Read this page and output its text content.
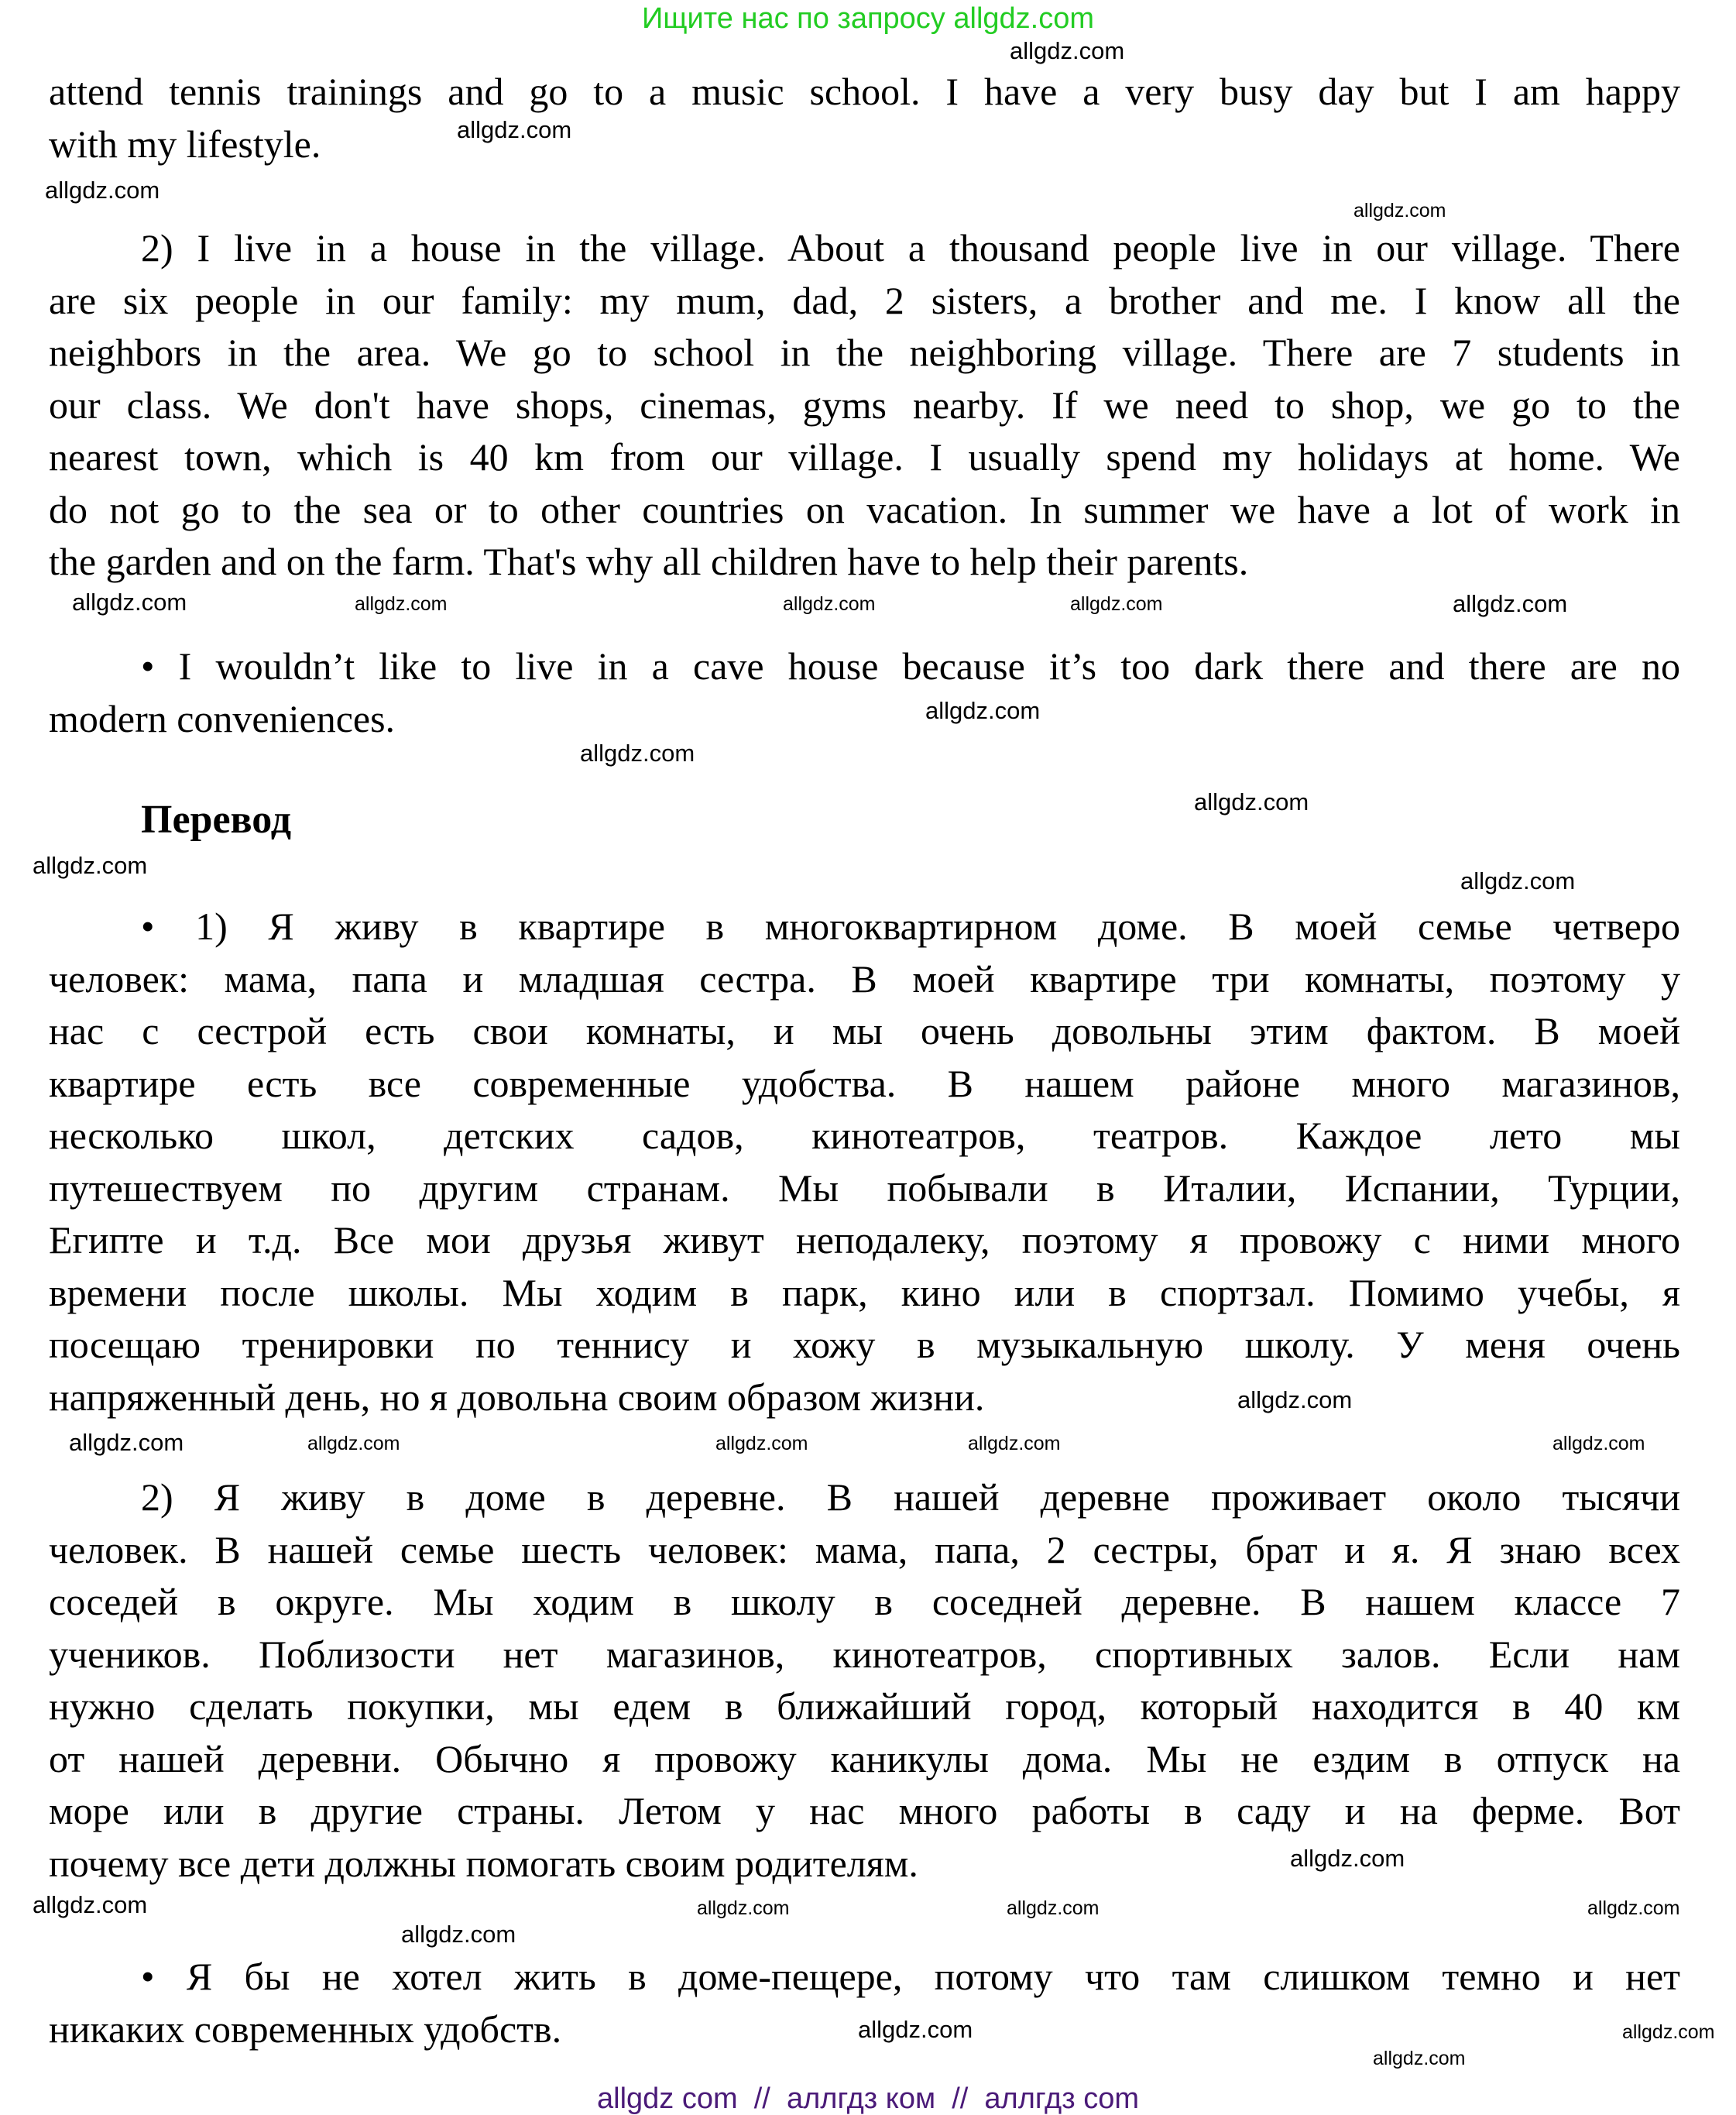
Ищите нас по запросу allgdz.com
Перевод
attend tennis trainings and go to a music school. I have a very busy day but I am happy
with my lifestyle.
2) I live in a house in the village. About a thousand people live in our village. There
are six people in our family: my mum, dad, 2 sisters, a brother and me. I know all the
neighbors in the area. We go to school in the neighboring village. There are 7 students in
our class. We don't have shops, cinemas, gyms nearby. If we need to shop, we go to the
nearest town, which is 40 km from our village. I usually spend my holidays at home. We
do not go to the sea or to other countries on vacation. In summer we have a lot of work in
the garden and on the farm. That's why all children have to help their parents.
• I wouldn’t like to live in a cave house because it’s too dark there and there are no
modern conveniences.
• 1) Я живу в квартире в многоквартирном доме. В моей семье четверо
человек: мама, папа и младшая сестра. В моей квартире три комнаты, поэтому у
нас с сестрой есть свои комнаты, и мы очень довольны этим фактом. В моей
квартире есть все современные удобства. В нашем районе много магазинов,
несколько школ, детских садов, кинотеатров, театров. Каждое лето мы
путешествуем по другим странам. Мы побывали в Италии, Испании, Турции,
Египте и т.д. Все мои друзья живут неподалеку, поэтому я провожу с ними много
времени после школы. Мы ходим в парк, кино или в спортзал. Помимо учебы, я
посещаю тренировки по теннису и хожу в музыкальную школу. У меня очень
напряженный день, но я довольна своим образом жизни.
2) Я живу в доме в деревне. В нашей деревне проживает около тысячи
человек. В нашей семье шесть человек: мама, папа, 2 сестры, брат и я. Я знаю всех
соседей в округе. Мы ходим в школу в соседней деревне. В нашем классе 7
учеников. Поблизости нет магазинов, кинотеатров, спортивных залов. Если нам
нужно сделать покупки, мы едем в ближайший город, который находится в 40 км
от нашей деревни. Обычно я провожу каникулы дома. Мы не ездим в отпуск на
море или в другие страны. Летом у нас много работы в саду и на ферме. Вот
почему все дети должны помогать своим родителям.
• Я бы не хотел жить в доме-пещере, потому что там слишком темно и нет
никаких современных удобств.
allgdz.com
allgdz.com
allgdz.com
allgdz.com
allgdz.com	allgdz.com	allgdz.com	allgdz.com
allgdz.com
allgdz.com
allgdz.com
allgdz.com
allgdz.com
allgdz.com
allgdz.com	allgdz.com
allgdz.com
allgdz.com
allgdz.com	allgdz.com
allgdz.com
allgdz.com	allgdz.com
allgdz.com
allgdz.com
allgdz.com
allgdz.com
allgdz.com
allgdz.com
allgdz com  //  аллгдз ком  //  аллгдз com
